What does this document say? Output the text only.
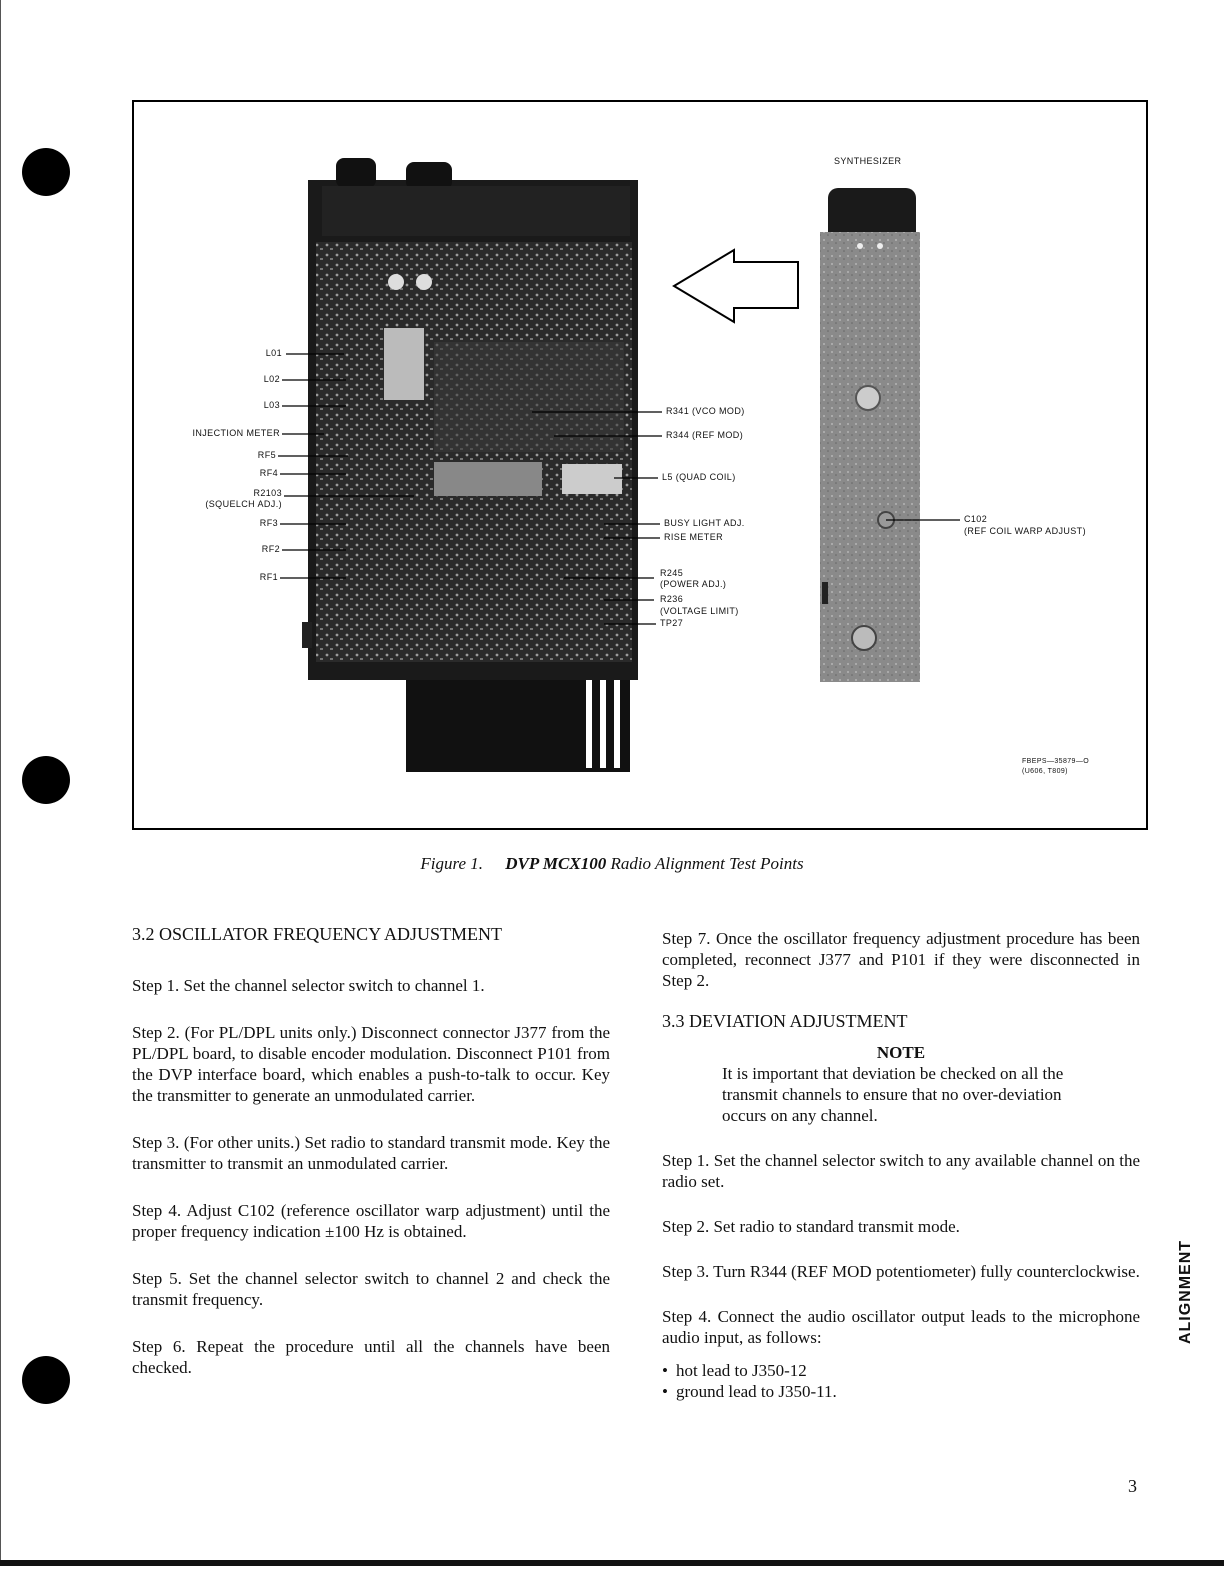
L01
L02
L03
INJECTION METER
RF5
RF4
R2103
(SQUELCH ADJ.)
RF3
RF2
RF1
R341 (VCO MOD)
R344 (REF MOD)
L5 (QUAD COIL)
BUSY LIGHT ADJ.
RISE METER
R245
(POWER ADJ.)
R236
(VOLTAGE LIMIT)
TP27
SYNTHESIZER
C102
(REF COIL WARP ADJUST)
FBEPS—35879—O
(U606, T809)
Figure 1. DVP MCX100 Radio Alignment Test Points
3.2 OSCILLATOR FREQUENCY ADJUSTMENT

Step 1. Set the channel selector switch to channel 1.

Step 2. (For PL/DPL units only.) Disconnect connector J377 from the PL/DPL board, to disable encoder modulation. Disconnect P101 from the DVP interface board, which enables a push-to-talk to occur. Key the transmitter to generate an unmodulated carrier.

Step 3. (For other units.) Set radio to standard transmit mode. Key the transmitter to transmit an unmodulated carrier.

Step 4. Adjust C102 (reference oscillator warp adjustment) until the proper frequency indication ±100 Hz is obtained.

Step 5. Set the channel selector switch to channel 2 and check the transmit frequency.

Step 6. Repeat the procedure until all the channels have been checked.

Step 7. Once the oscillator frequency adjustment procedure has been completed, reconnect J377 and P101 if they were disconnected in Step 2.

3.3 DEVIATION ADJUSTMENT
NOTE
It is important that deviation be checked on all the transmit channels to ensure that no over-deviation occurs on any channel.

Step 1. Set the channel selector switch to any available channel on the radio set.

Step 2. Set radio to standard transmit mode.

Step 3. Turn R344 (REF MOD potentiometer) fully counterclockwise.

Step 4. Connect the audio oscillator output leads to the microphone audio input, as follows:

• hot lead to J350-12
• ground lead to J350-11.
ALIGNMENT
3
